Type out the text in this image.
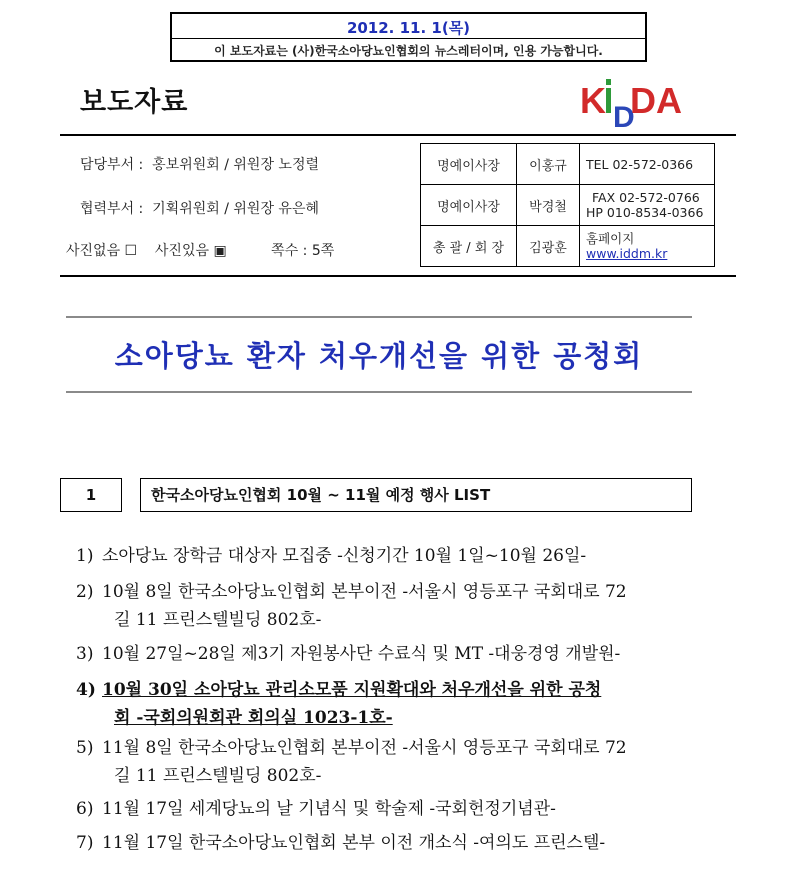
2012. 11. 1(목)
이 보도자료는 (사)한국소아당뇨인협회의 뉴스레터이며, 인용 가능합니다.
보도자료	K D
DA
담당부서 :  홍보위원회 / 위원장 노정렬
협력부서 :  기획위원회 / 위원장 유은혜
사진없음 ☐    사진있음 ▣          쪽수 : 5쪽
명예이사장	이홍규	TEL 02-572-0366
명예이사장	박경철	FAX 02-572-0766
HP 010-8534-0366

총 괄 / 회 장	김광훈	홈페이지 www.iddm.kr
소아당뇨 환자 처우개선을 위한 공청회
1	한국소아당뇨인협회 10월 ~ 11월 예정 행사 LIST
1) 소아당뇨 장학금 대상자 모집중 -신청기간 10월 1일~10월 26일-
2) 10월 8일 한국소아당뇨인협회 본부이전 -서울시 영등포구 국회대로 72
길 11 프린스텔빌딩 802호-
3) 10월 27일~28일 제3기 자원봉사단 수료식 및 MT -대웅경영 개발원-
4) 10월 30일 소아당뇨 관리소모품 지원확대와 처우개선을 위한 공청
회 -국회의원회관 회의실 1023-1호-
5) 11월 8일 한국소아당뇨인협회 본부이전 -서울시 영등포구 국회대로 72
길 11 프린스텔빌딩 802호-
6) 11월 17일 세계당뇨의 날 기념식 및 학술제 -국회헌정기념관-
7) 11월 17일 한국소아당뇨인협회 본부 이전 개소식 -여의도 프린스텔-
